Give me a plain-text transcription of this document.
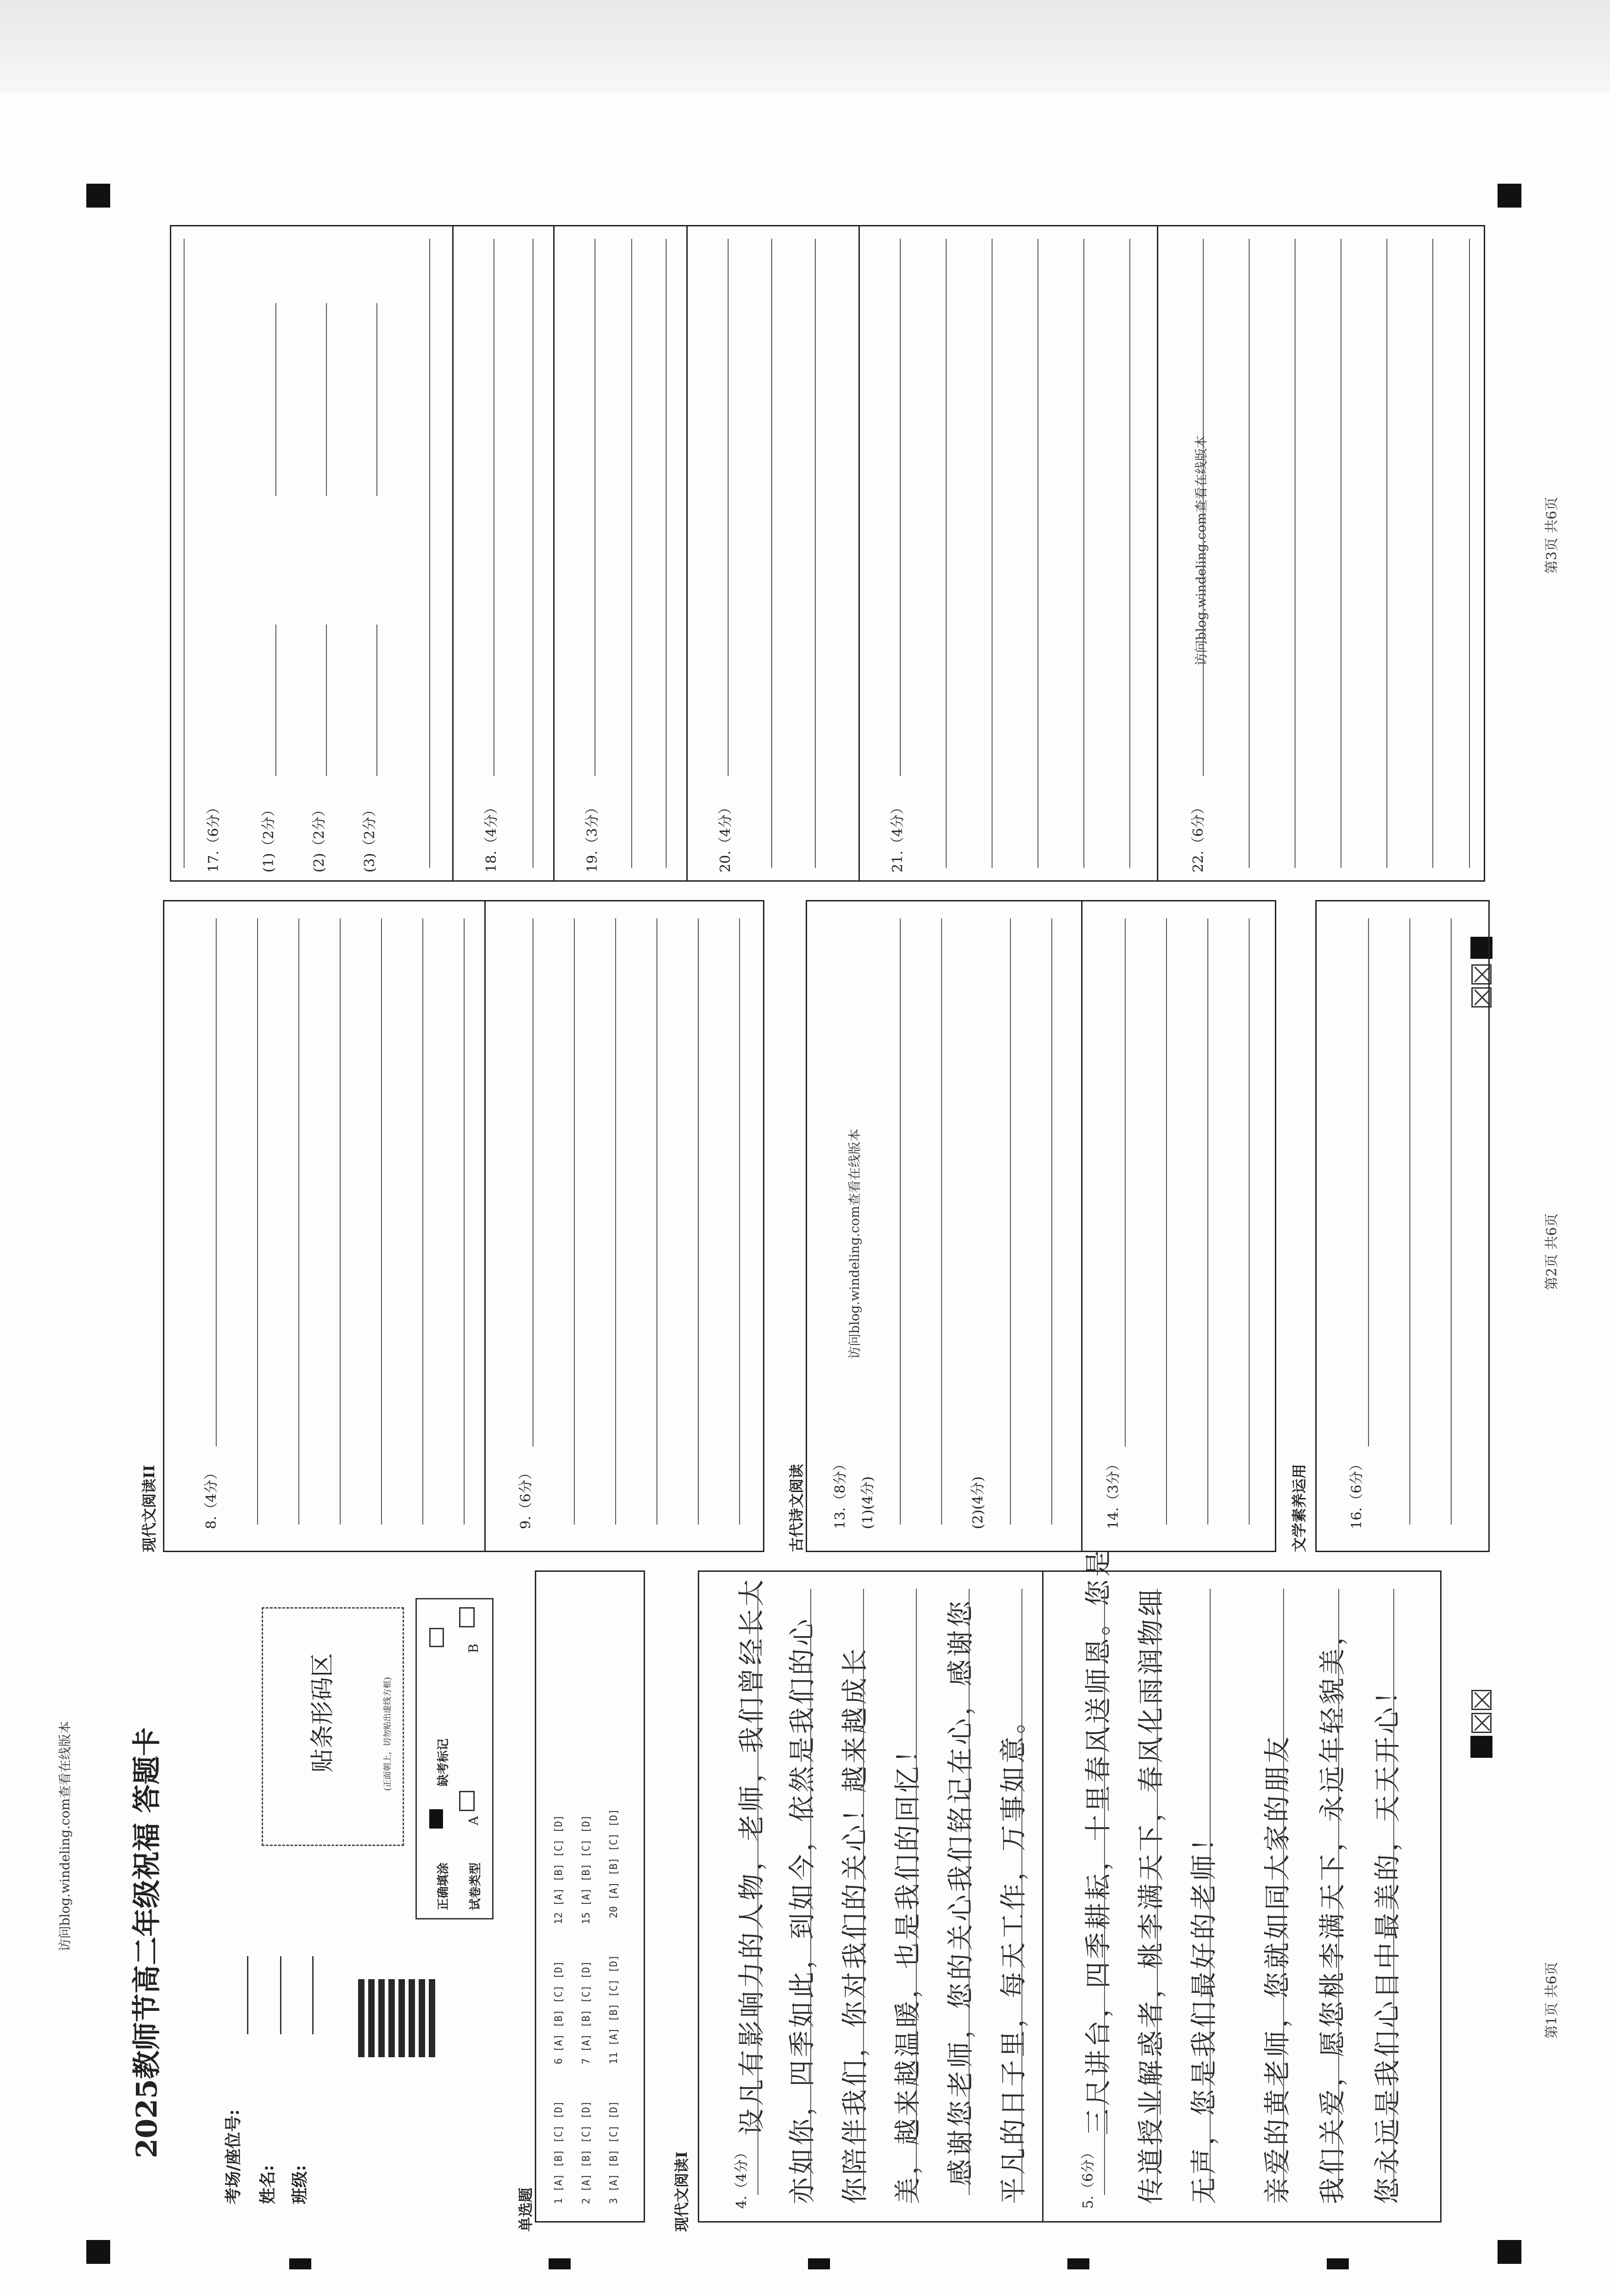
访问blog.windeling.com查看在线版本
访问blog.windeling.com查看在线版本
访问blog.windeling.com查看在线版本
第1页 共6页
第2页 共6页
第3页 共6页
2025教师节高二年级祝福 答题卡	考场/座位号: 姓名: 班级:
贴条形码区	(正面朝上，切勿贴出虚线方框)
正确填涂
缺考标记
试卷类型
A
B
单选题
1 [A] [B] [C] [D]      6 [A] [B] [C] [D]      12 [A] [B] [C] [D]
2 [A] [B] [C] [D]      7 [A] [B] [C] [D]      15 [A] [B] [C] [D]
3 [A] [B] [C] [D]      11 [A] [B] [C] [D]      20 [A] [B] [C] [D]
现代文阅读I	4.（4分）
设凡有影响力的人物，老师，我们曾经长大 亦如你，四季如此，到如今，依然是我们的心 你陪伴我们，你对我们的关心！越来越成长 美，越来越温暖，也是我们的回忆！ 感谢您老师，您的关心我们铭记在心，感谢您 平凡的日子里，每天工作，万事如意。	5.（6分）
三尺讲台，四季耕耘，十里春风送师恩。您是 传道授业解惑者，桃李满天下，春风化雨润物细 无声，您是我们最好的老师！ 亲爱的黄老师，您就如同大家的朋友 我们关爱，愿您桃李满天下，永远年轻貌美， 您永远是我们心目中最美的，天天开心！
现代文阅读II	8.（4分）	9.（6分）	古代诗文阅读 13.（8分） (1)(4分)	(2)(4分)	14.（3分）	文学素养运用	16.（6分）
17.（6分）	(1)（2分）	(2)（2分）	(3)（2分）	18.（4分）	19.（3分）	20.（4分）	21.（4分）	22.（6分）
